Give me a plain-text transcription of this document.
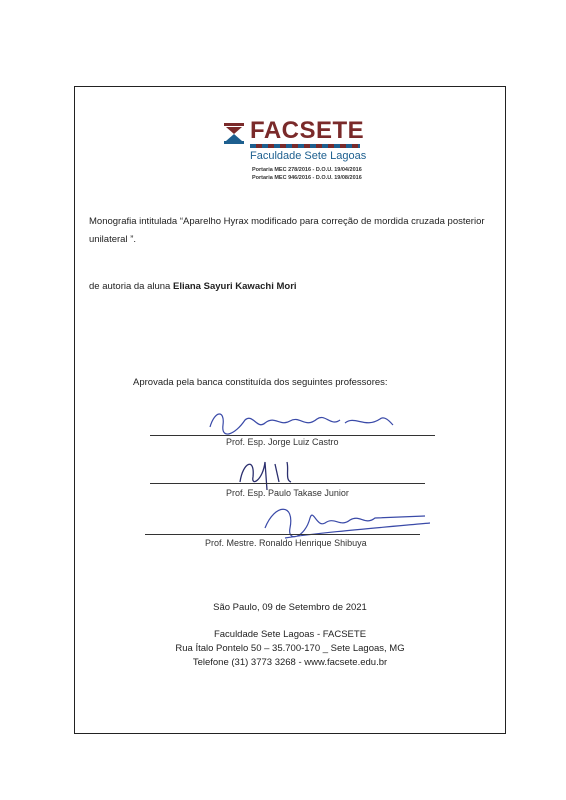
FACSETE
Faculdade Sete Lagoas
Portaria MEC 278/2016 - D.O.U. 19/04/2016
Portaria MEC 946/2016 - D.O.U. 19/08/2016
Monografia intitulada “Aparelho Hyrax modificado para correção de mordida cruzada posterior
unilateral ”.
de autoria da aluna Eliana Sayuri Kawachi Mori
Aprovada pela banca constituída dos seguintes professores:
Prof. Esp. Jorge Luiz Castro
Prof. Esp. Paulo Takase Junior
Prof. Mestre. Ronaldo Henrique Shibuya
São Paulo, 09 de Setembro de 2021
Faculdade Sete Lagoas - FACSETE
Rua Ítalo Pontelo 50 – 35.700-170 _ Sete Lagoas, MG
Telefone (31) 3773 3268 - www.facsete.edu.br
